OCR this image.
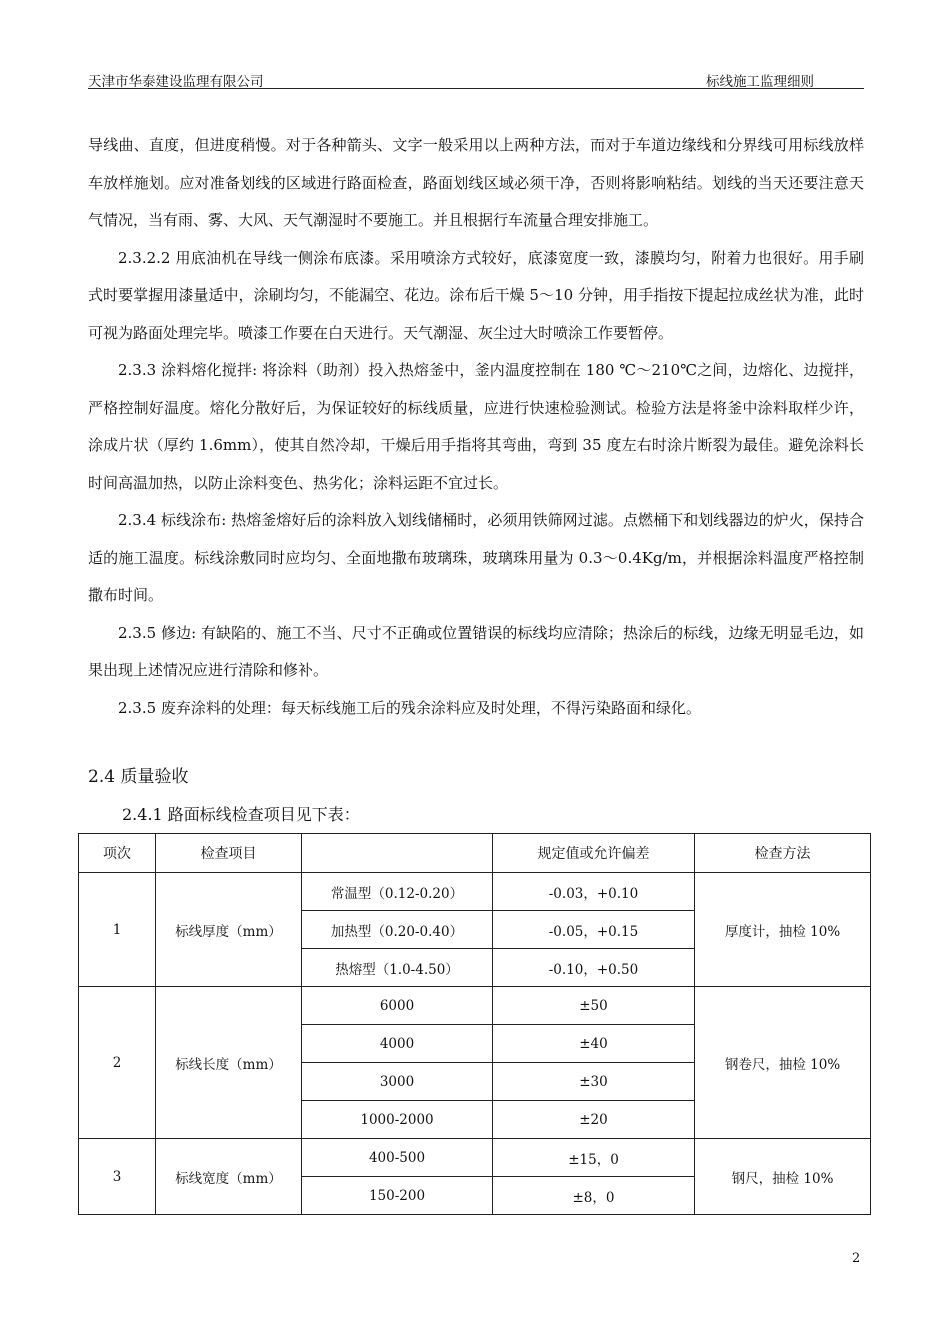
天津市华泰建设监理有限公司	标线施工监理细则

导线曲、直度，但进度稍慢。对于各种箭头、文字一般采用以上两种方法，而对于车道边缘线和分界线可用标线放样车放样施划。应对准备划线的区域进行路面检查，路面划线区域必须干净，否则将影响粘结。划线的当天还要注意天气情况，当有雨、雾、大风、天气潮湿时不要施工。并且根据行车流量合理安排施工。

2.3.2.2 用底油机在导线一侧涂布底漆。采用喷涂方式较好，底漆宽度一致，漆膜均匀，附着力也很好。用手刷式时要掌握用漆量适中，涂刷均匀，不能漏空、花边。涂布后干燥 5～10 分钟，用手指按下提起拉成丝状为准，此时可视为路面处理完毕。喷漆工作要在白天进行。天气潮湿、灰尘过大时喷涂工作要暂停。

2.3.3 涂料熔化搅拌: 将涂料（助剂）投入热熔釜中，釜内温度控制在 180 ℃～210℃之间，边熔化、边搅拌，严格控制好温度。熔化分散好后，为保证较好的标线质量，应进行快速检验测试。检验方法是将釜中涂料取样少许，涂成片状（厚约 1.6mm），使其自然冷却，干燥后用手指将其弯曲，弯到 35 度左右时涂片断裂为最佳。避免涂料长时间高温加热，以防止涂料变色、热劣化；涂料运距不宜过长。

2.3.4 标线涂布: 热熔釜熔好后的涂料放入划线储桶时，必须用铁筛网过滤。点燃桶下和划线器边的炉火，保持合适的施工温度。标线涂敷同时应均匀、全面地撒布玻璃珠，玻璃珠用量为 0.3～0.4Kg/m，并根据涂料温度严格控制撒布时间。

2.3.5 修边: 有缺陷的、施工不当、尺寸不正确或位置错误的标线均应清除；热涂后的标线，边缘无明显毛边，如果出现上述情况应进行清除和修补。

2.3.5 废弃涂料的处理：每天标线施工后的残余涂料应及时处理，不得污染路面和绿化。

2.4 质量验收
2.4.1 路面标线检查项目见下表：
项次	检查项目		规定值或允许偏差	检查方法
1	标线厚度（mm）	常温型（0.12-0.20）	-0.03，+0.10	厚度计，抽检 10%
		加热型（0.20-0.40）	-0.05，+0.15	
		热熔型（1.0-4.50）	-0.10，+0.50	
2	标线长度（mm）	6000	±50	钢卷尺，抽检 10%
		4000	±40	
		3000	±30	
		1000-2000	±20	
3	标线宽度（mm）	400-500	±15，0	钢尺，抽检 10%
		150-200	±8，0	
2
